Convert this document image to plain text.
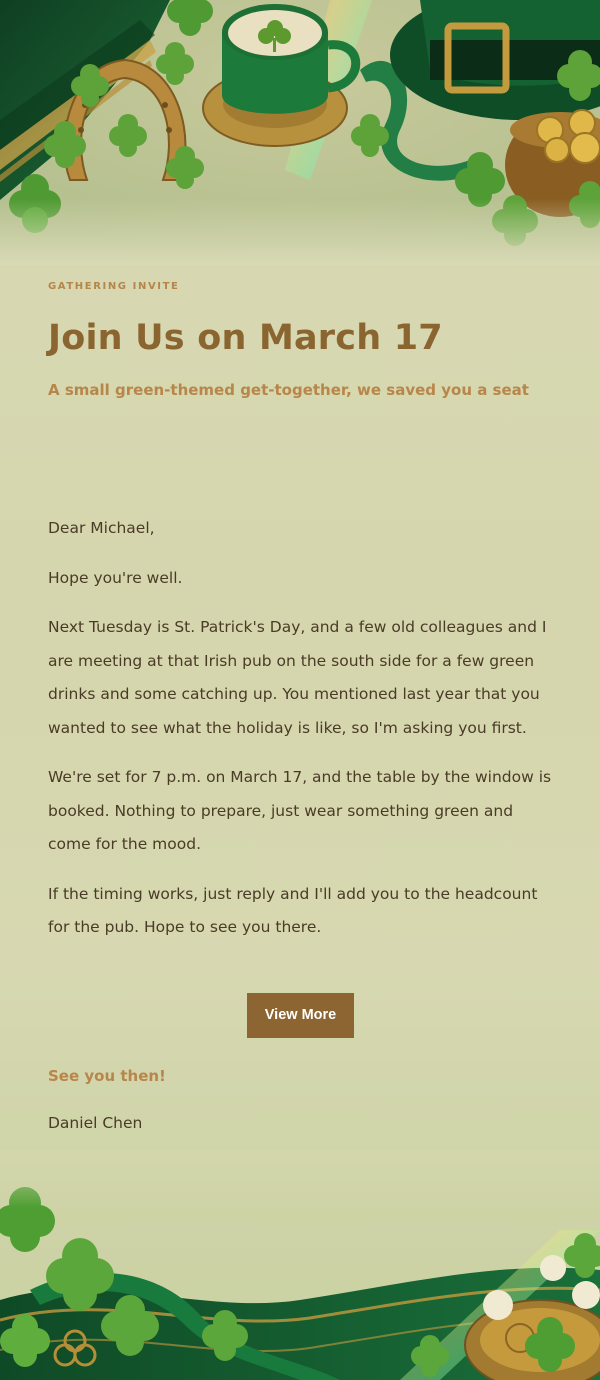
GATHERING INVITE
Join Us on March 17
A small green-themed get-together, we saved you a seat

Dear Michael,

Hope you're well.

Next Tuesday is St. Patrick's Day, and a few old colleagues and I are meeting at that Irish pub on the south side for a few green drinks and some catching up. You mentioned last year that you wanted to see what the holiday is like, so I'm asking you first.

We're set for 7 p.m. on March 17, and the table by the window is booked. Nothing to prepare, just wear something green and come for the mood.

If the timing works, just reply and I'll add you to the headcount for the pub. Hope to see you there.

View More
See you then!
Daniel Chen
